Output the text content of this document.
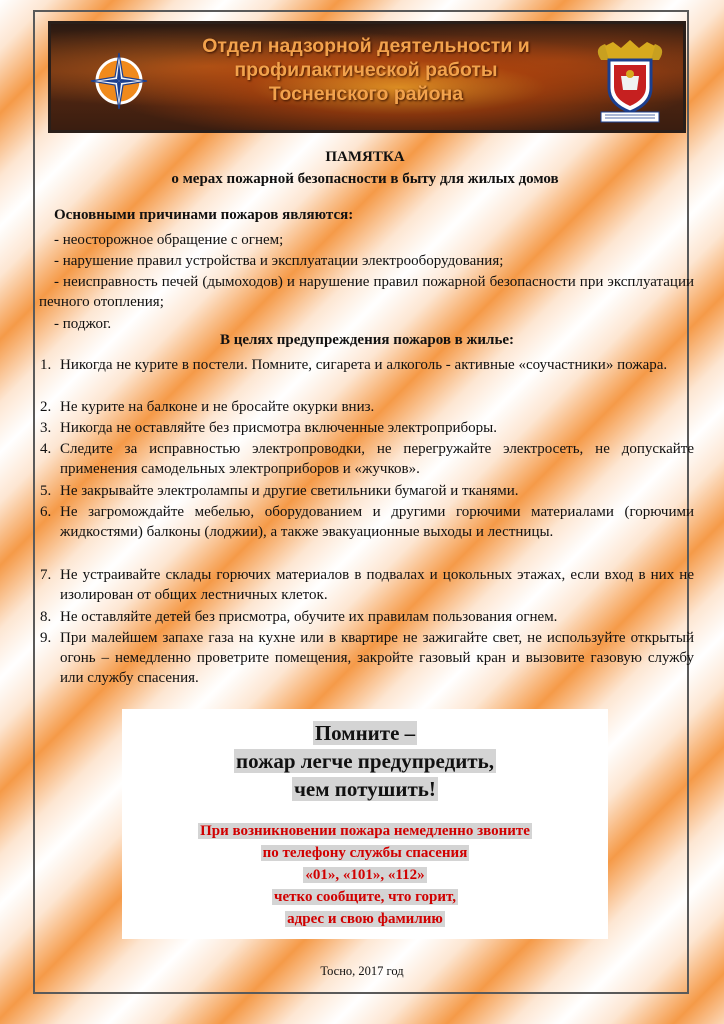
Отдел надзорной деятельности и
профилактической работы
Тосненского района
ПАМЯТКА
о мерах пожарной безопасности в быту для жилых домов
Основными причинами пожаров являются:
- неосторожное обращение с огнем;
- нарушение правил устройства и эксплуатации электрооборудования;
- неисправность печей (дымоходов) и нарушение правил пожарной безопасности при эксплуатации печного отопления;
- поджог.
В целях предупреждения пожаров в жилье:
1. Никогда не курите в постели. Помните, сигарета и алкоголь - активные «соучастники» пожара.
2. Не курите на балконе и не бросайте окурки вниз.
3. Никогда не оставляйте без присмотра включенные электроприборы.
4. Следите за исправностью электропроводки, не перегружайте электросеть, не допускайте применения самодельных электроприборов и «жучков».
5. Не закрывайте электролампы и другие светильники бумагой и тканями.
6. Не загромождайте мебелью, оборудованием и другими горючими материалами (горючими жидкостями) балконы (лоджии), а также эвакуационные выходы и лестницы.
7. Не устраивайте склады горючих материалов в подвалах и цокольных этажах, если вход в них не изолирован от общих лестничных клеток.
8. Не оставляйте детей без присмотра, обучите их правилам пользования огнем.
9. При малейшем запахе газа на кухне или в квартире не зажигайте свет, не используйте открытый огонь – немедленно проветрите помещения, закройте газовый кран и вызовите газовую службу или службу спасения.
Помните –
пожар легче предупредить,
чем потушить!
При возникновении пожара немедленно звоните
по телефону службы спасения
«01», «101», «112»
четко сообщите, что горит,
адрес и свою фамилию
Тосно, 2017 год
